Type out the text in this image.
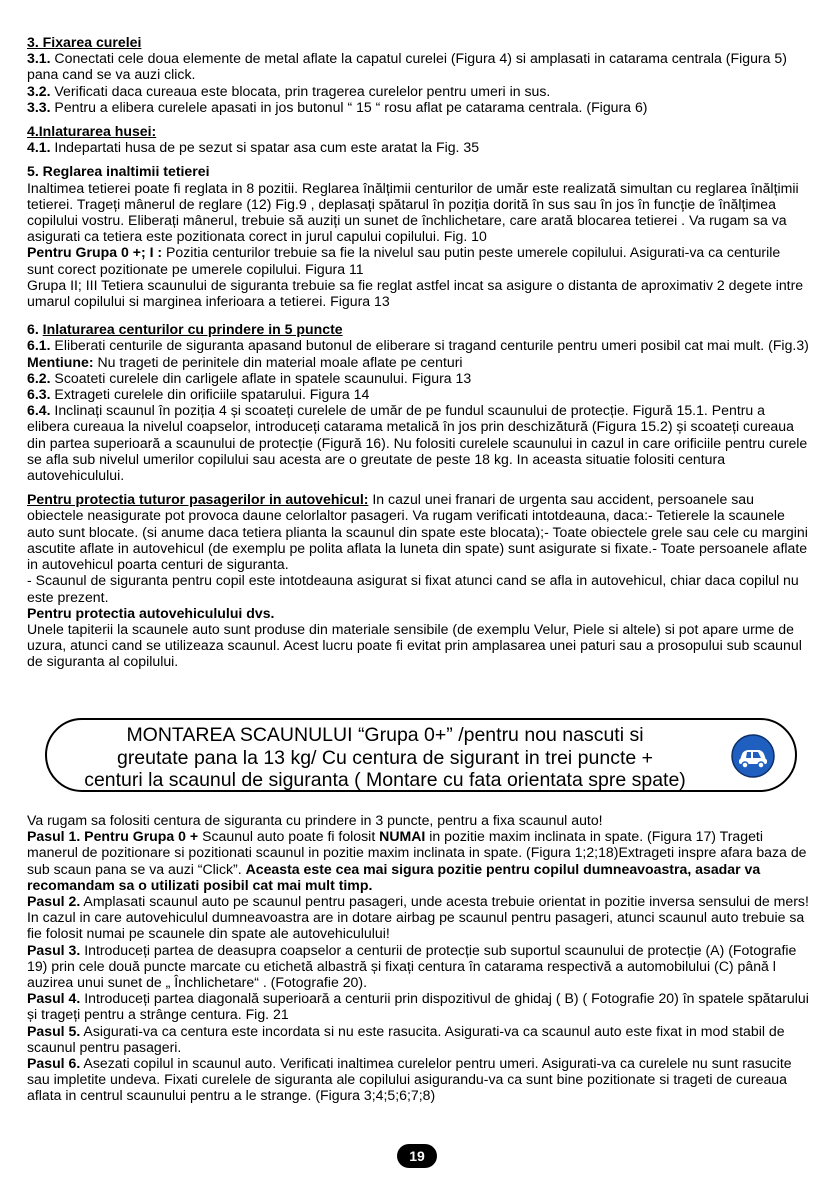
3. Fixarea curelei

3.1. Conectati cele doua elemente de metal aflate la capatul curelei (Figura 4) si amplasati in catarama centrala (Figura 5) pana cand se va auzi click.

3.2. Verificati daca cureaua este blocata, prin tragerea curelelor pentru umeri in sus.

3.3. Pentru a elibera curelele apasati in jos butonul “ 15 “ rosu aflat pe catarama centrala. (Figura 6)

4.Inlaturarea husei:

4.1. Indepartati husa de pe sezut si spatar asa cum este aratat la Fig. 35

5. Reglarea inaltimii tetierei

Inaltimea tetierei poate fi reglata in 8 pozitii. Reglarea înălțimii centurilor de umăr este realizată simultan cu reglarea înălțimii tetierei. Trageți mânerul de reglare (12) Fig.9 , deplasați spătarul în poziția dorită în sus sau în jos în funcție de înălțimea copilului vostru. Eliberați mânerul, trebuie să auziți un sunet de închlichetare, care arată blocarea tetierei . Va rugam sa va asigurati ca tetiera este pozitionata corect in jurul capului copilului. Fig. 10

Pentru Grupa 0 +; I : Pozitia centurilor trebuie sa fie la nivelul sau putin peste umerele copilului. Asigurati-va ca centurile sunt corect pozitionate pe umerele copilului. Figura 11

Grupa II; III Tetiera scaunului de siguranta trebuie sa fie reglat astfel incat sa asigure o distanta de aproximativ 2 degete intre umarul copilului si marginea inferioara a tetierei. Figura 13

6. Inlaturarea centurilor cu prindere in 5 puncte

6.1. Eliberati centurile de siguranta apasand butonul de eliberare si tragand centurile pentru umeri posibil cat mai mult. (Fig.3) Mentiune: Nu trageti de perinitele din material moale aflate pe centuri

6.2. Scoateti curelele din carligele aflate in spatele scaunului. Figura 13

6.3. Extrageti curelele din orificiile spatarului. Figura 14

6.4. Inclinați scaunul în poziția 4 și scoateți curelele de umăr de pe fundul scaunului de protecție. Figură 15.1. Pentru a elibera cureaua la nivelul coapselor, introduceți catarama metalică în jos prin deschizătură (Figura 15.2) și scoateți cureaua din partea superioară a scaunului de protecție (Figură 16). Nu folositi curelele scaunului in cazul in care orificiile pentru curele se afla sub nivelul umerilor copilului sau acesta are o greutate de peste 18 kg. In aceasta situatie folositi centura autovehiculului.

Pentru protectia tuturor pasagerilor in autovehicul: In cazul unei franari de urgenta sau accident, persoanele sau obiectele neasigurate pot provoca daune celorlaltor pasageri. Va rugam verificati intotdeauna, daca:- Tetierele la scaunele auto sunt blocate. (si anume daca tetiera plianta la scaunul din spate este blocata);- Toate obiectele grele sau cele cu margini ascutite aflate in autovehicul (de exemplu pe polita aflata la luneta din spate) sunt asigurate si fixate.- Toate persoanele aflate in autovehicul poarta centuri de siguranta.

- Scaunul de siguranta pentru copil este intotdeauna asigurat si fixat atunci cand se afla in autovehicul, chiar daca copilul nu este prezent.

Pentru protectia autovehiculului dvs.

Unele tapiterii la scaunele auto sunt produse din materiale sensibile (de exemplu Velur, Piele si altele) si pot apare urme de uzura, atunci cand se utilizeaza scaunul. Acest lucru poate fi evitat prin amplasarea unei paturi sau a prosopului sub scaunul de siguranta al copilului.

MONTAREA SCAUNULUI “Grupa 0+” /pentru nou nascuti si
greutate pana la 13 kg/ Cu centura de sigurant in trei puncte +
centuri la scaunul de siguranta ( Montare cu fata orientata spre spate)

Va rugam sa folositi centura de siguranta cu prindere in 3 puncte, pentru a fixa scaunul auto!

Pasul 1. Pentru Grupa 0 + Scaunul auto poate fi folosit NUMAI in pozitie maxim inclinata in spate. (Figura 17) Trageti manerul de pozitionare si pozitionati scaunul in pozitie maxim inclinata in spate. (Figura 1;2;18)Extrageti inspre afara baza de sub scaun pana se va auzi “Click”. Aceasta este cea mai sigura pozitie pentru copilul dumneavoastra, asadar va recomandam sa o utilizati posibil cat mai mult timp.

Pasul 2. Amplasati scaunul auto pe scaunul pentru pasageri, unde acesta trebuie orientat in pozitie inversa sensului de mers! In cazul in care autovehiculul dumneavoastra are in dotare airbag pe scaunul pentru pasageri, atunci scaunul auto trebuie sa fie folosit numai pe scaunele din spate ale autovehiculului!

Pasul 3. Introduceți partea de deasupra coapselor a centurii de protecție sub suportul scaunului de protecție (A) (Fotografie 19) prin cele două puncte marcate cu etichetă albastră și fixați centura în catarama respectivă a automobilului (C) până l auzirea unui sunet de „ Închlichetare“ . (Fotografie 20).

Pasul 4. Introduceți partea diagonală superioară a centurii prin dispozitivul de ghidaj ( B) ( Fotografie 20) în spatele spătarului și trageți pentru a strânge centura. Fig. 21

Pasul 5. Asigurati-va ca centura este incordata si nu este rasucita. Asigurati-va ca scaunul auto este fixat in mod stabil de scaunul pentru pasageri.

Pasul 6. Asezati copilul in scaunul auto. Verificati inaltimea curelelor pentru umeri. Asigurati-va ca curelele nu sunt rasucite sau impletite undeva. Fixati curelele de siguranta ale copilului asigurandu-va ca sunt bine pozitionate si trageti de cureaua aflata in centrul scaunului pentru a le strange. (Figura 3;4;5;6;7;8)

19
